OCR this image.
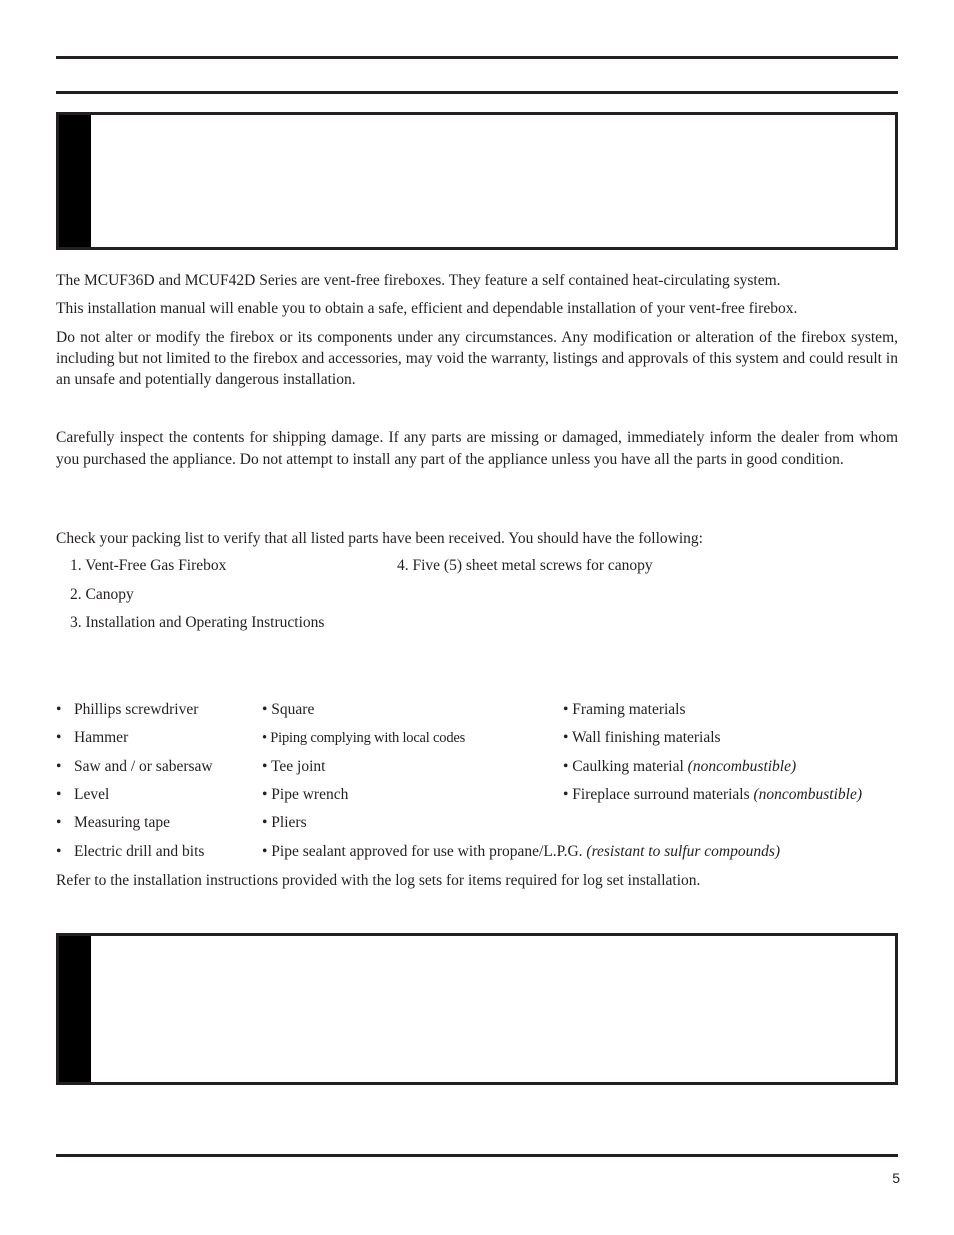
The MCUF36D and MCUF42D Series are vent-free fireboxes. They feature a self contained heat-circulating system.
This installation manual will enable you to obtain a safe, efficient and dependable installation of your vent-free firebox.
Do not alter or modify the firebox or its components under any circumstances. Any modification or alteration of the firebox system, including but not limited to the firebox and accessories, may void the warranty, listings and approvals of this system and could result in an unsafe and potentially dangerous installation.
Carefully inspect the contents for shipping damage. If any parts are missing or damaged, immediately inform the dealer from whom you purchased the appliance. Do not attempt to install any part of the appliance unless you have all the parts in good condition.
Check your packing list to verify that all listed parts have been received. You should have the following:
1. Vent-Free Gas Firebox
2. Canopy
3. Installation and Operating Instructions
4. Five (5) sheet metal screws for canopy
• Phillips screwdriver
• Hammer
• Saw and / or sabersaw
• Level
• Measuring tape
• Electric drill and bits
• Square
• Piping complying with local codes
• Tee joint
• Pipe wrench
• Pliers
• Pipe sealant approved for use with propane/L.P.G. (resistant to sulfur compounds)
• Framing materials
• Wall finishing materials
• Caulking material (noncombustible)
• Fireplace surround materials (noncombustible)
Refer to the installation instructions provided with the log sets for items required for log set installation.
5
